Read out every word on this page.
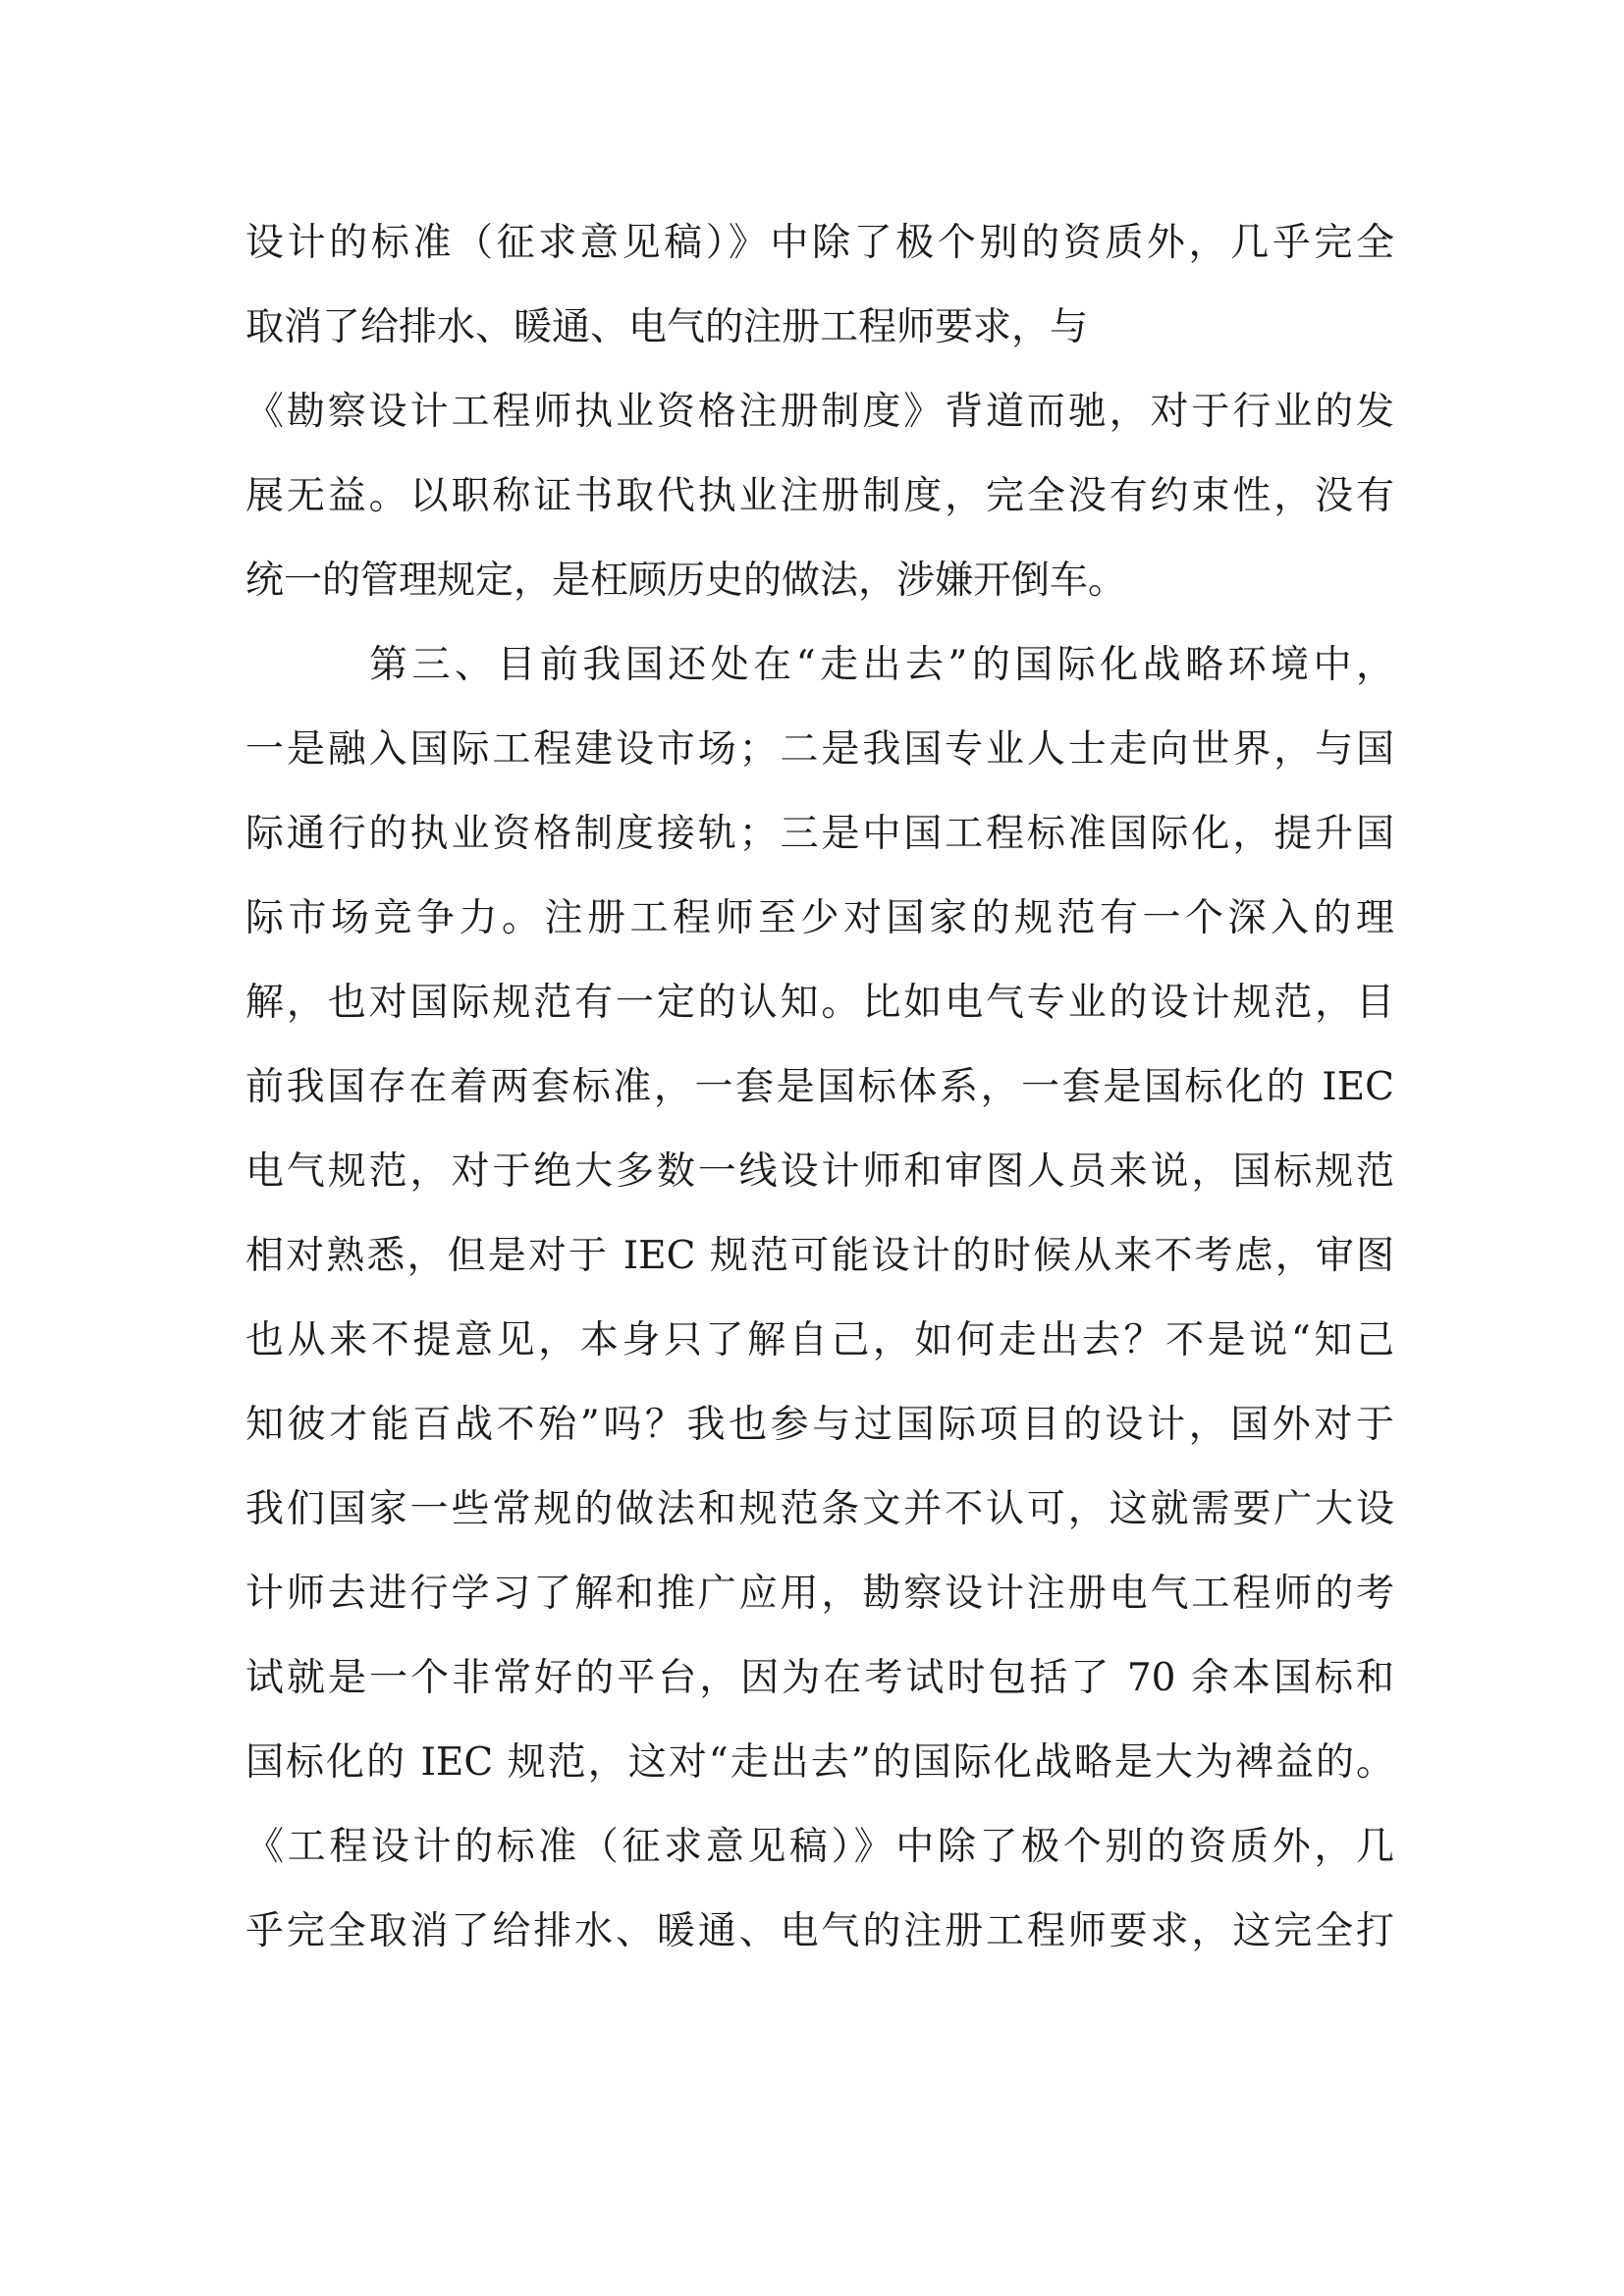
设计的标准（征求意见稿）》中除了极个别的资质外，几乎完全
取消了给排水、暖通、电气的注册工程师要求，与
《勘察设计工程师执业资格注册制度》背道而驰，对于行业的发
展无益。以职称证书取代执业注册制度，完全没有约束性，没有
统一的管理规定，是枉顾历史的做法，涉嫌开倒车。
第三、目前我国还处在“走出去”的国际化战略环境中，
一是融入国际工程建设市场；二是我国专业人士走向世界，与国
际通行的执业资格制度接轨；三是中国工程标准国际化，提升国
际市场竞争力。注册工程师至少对国家的规范有一个深入的理
解，也对国际规范有一定的认知。比如电气专业的设计规范，目
前我国存在着两套标准，一套是国标体系，一套是国标化的 IEC
电气规范，对于绝大多数一线设计师和审图人员来说，国标规范
相对熟悉，但是对于 IEC 规范可能设计的时候从来不考虑，审图
也从来不提意见，本身只了解自己，如何走出去？不是说“知己
知彼才能百战不殆”吗？我也参与过国际项目的设计，国外对于
我们国家一些常规的做法和规范条文并不认可，这就需要广大设
计师去进行学习了解和推广应用，勘察设计注册电气工程师的考
试就是一个非常好的平台，因为在考试时包括了 70 余本国标和
国标化的 IEC 规范，这对“走出去”的国际化战略是大为裨益的。
《工程设计的标准（征求意见稿）》中除了极个别的资质外，几
乎完全取消了给排水、暖通、电气的注册工程师要求，这完全打
